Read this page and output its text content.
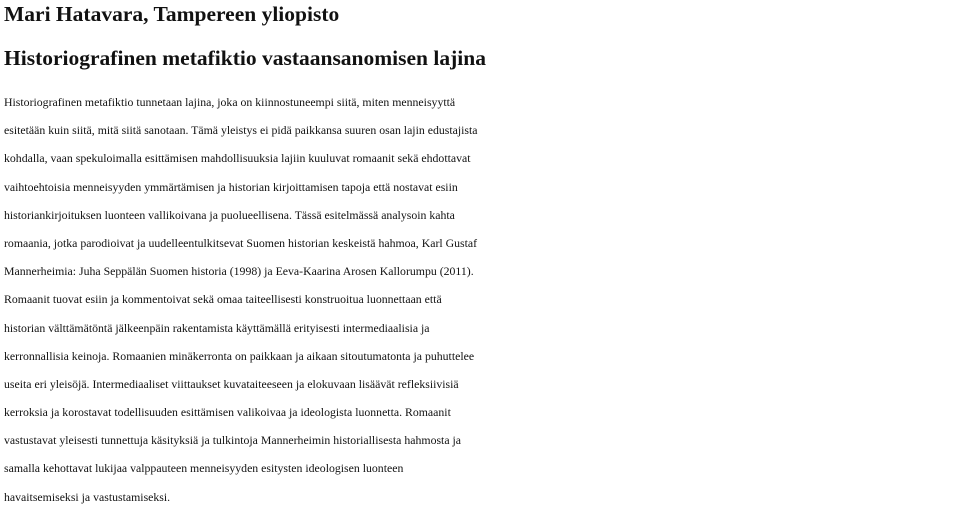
Mari Hatavara, Tampereen yliopisto

Historiografinen metafiktio vastaansanomisen lajina

Historiografinen metafiktio tunnetaan lajina, joka on kiinnostuneempi siitä, miten menneisyyttä
esitetään kuin siitä, mitä siitä sanotaan. Tämä yleistys ei pidä paikkansa suuren osan lajin edustajista
kohdalla, vaan spekuloimalla esittämisen mahdollisuuksia lajiin kuuluvat romaanit sekä ehdottavat
vaihtoehtoisia menneisyyden ymmärtämisen ja historian kirjoittamisen tapoja että nostavat esiin
historiankirjoituksen luonteen vallikoivana ja puolueellisena. Tässä esitelmässä analysoin kahta
romaania, jotka parodioivat ja uudelleentulkitsevat Suomen historian keskeistä hahmoa, Karl Gustaf
Mannerheimia: Juha Seppälän Suomen historia (1998) ja Eeva-Kaarina Arosen Kallorumpu (2011).
Romaanit tuovat esiin ja kommentoivat sekä omaa taiteellisesti konstruoitua luonnettaan että
historian välttämätöntä jälkeenpäin rakentamista käyttämällä erityisesti intermediaalisia ja
kerronnallisia keinoja. Romaanien minäkerronta on paikkaan ja aikaan sitoutumatonta ja puhuttelee
useita eri yleisöjä. Intermediaaliset viittaukset kuvataiteeseen ja elokuvaan lisäävät refleksiivisiä
kerroksia ja korostavat todellisuuden esittämisen valikoivaa ja ideologista luonnetta. Romaanit
vastustavat yleisesti tunnettuja käsityksiä ja tulkintoja Mannerheimin historiallisesta hahmosta ja
samalla kehottavat lukijaa valppauteen menneisyyden esitysten ideologisen luonteen
havaitsemiseksi ja vastustamiseksi.
